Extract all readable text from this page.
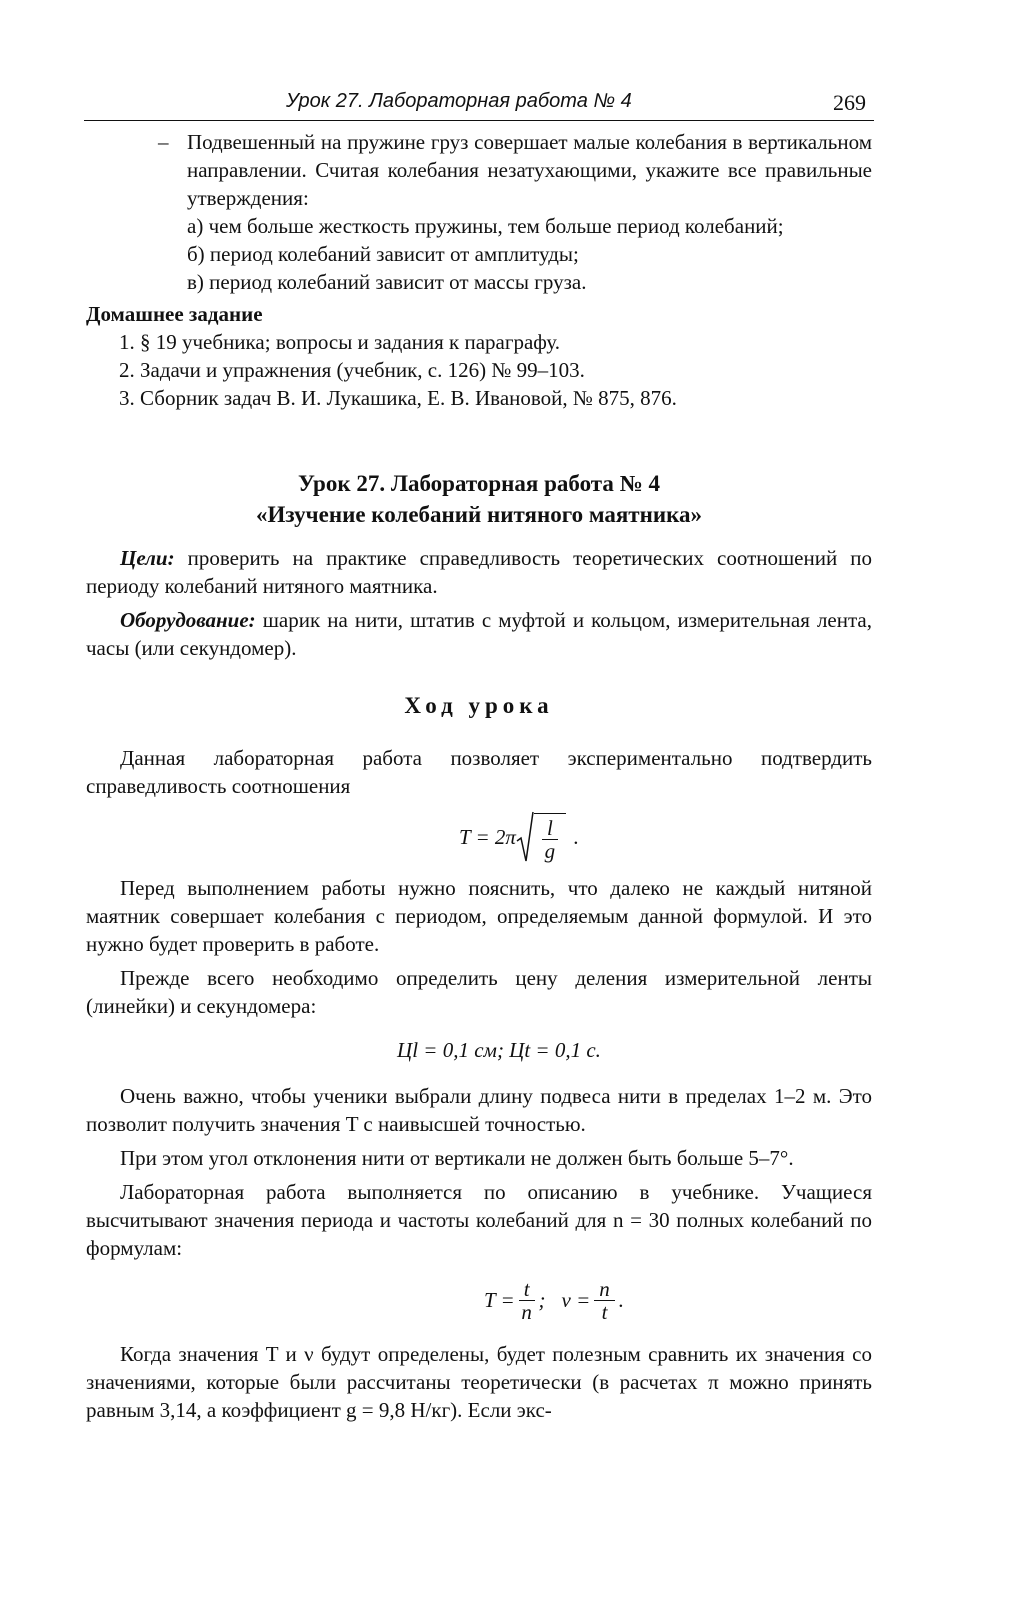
Урок 27. Лабораторная работа № 4	269
– Подвешенный на пружине груз совершает малые колебания в вертикальном направлении. Считая колебания незатухающими, укажите все правильные утверждения:

а) чем больше жесткость пружины, тем больше период колебаний;

б) период колебаний зависит от амплитуды;

в) период колебаний зависит от массы груза.

Домашнее задание

1. § 19 учебника; вопросы и задания к параграфу.

2. Задачи и упражнения (учебник, с. 126) № 99–103.

3. Сборник задач В. И. Лукашика, Е. В. Ивановой, № 875, 876.

Урок 27. Лабораторная работа № 4
«Изучение колебаний нитяного маятника»

Цели: проверить на практике справедливость теоретических соотношений по периоду колебаний нитяного маятника.

Оборудование: шарик на нити, штатив с муфтой и кольцом, измерительная лента, часы (или секундомер).

Ход урока

Данная лабораторная работа позволяет экспериментально подтвердить справедливость соотношения

$T = 2\pi \frac{l}{g}$ .

Перед выполнением работы нужно пояснить, что далеко не каждый нитяной маятник совершает колебания с периодом, определяемым данной формулой. И это нужно будет проверить в работе.

Прежде всего необходимо определить цену деления измерительной ленты (линейки) и секундомера:

Цl = 0,1 см; Цt = 0,1 с.

Очень важно, чтобы ученики выбрали длину подвеса нити в пределах 1–2 м. Это позволит получить значения T с наивысшей точностью.

При этом угол отклонения нити от вертикали не должен быть больше 5–7°.

Лабораторная работа выполняется по описанию в учебнике. Учащиеся высчитывают значения периода и частоты колебаний для n = 30 полных колебаний по формулам:

$T = \frac{t}{n}$ ; $\nu = \frac{n}{t}$ .

Когда значения T и ν будут определены, будет полезным сравнить их значения со значениями, которые были рассчитаны теоретически (в расчетах π можно принять равным 3,14, а коэффициент g = 9,8 Н/кг). Если экс-
